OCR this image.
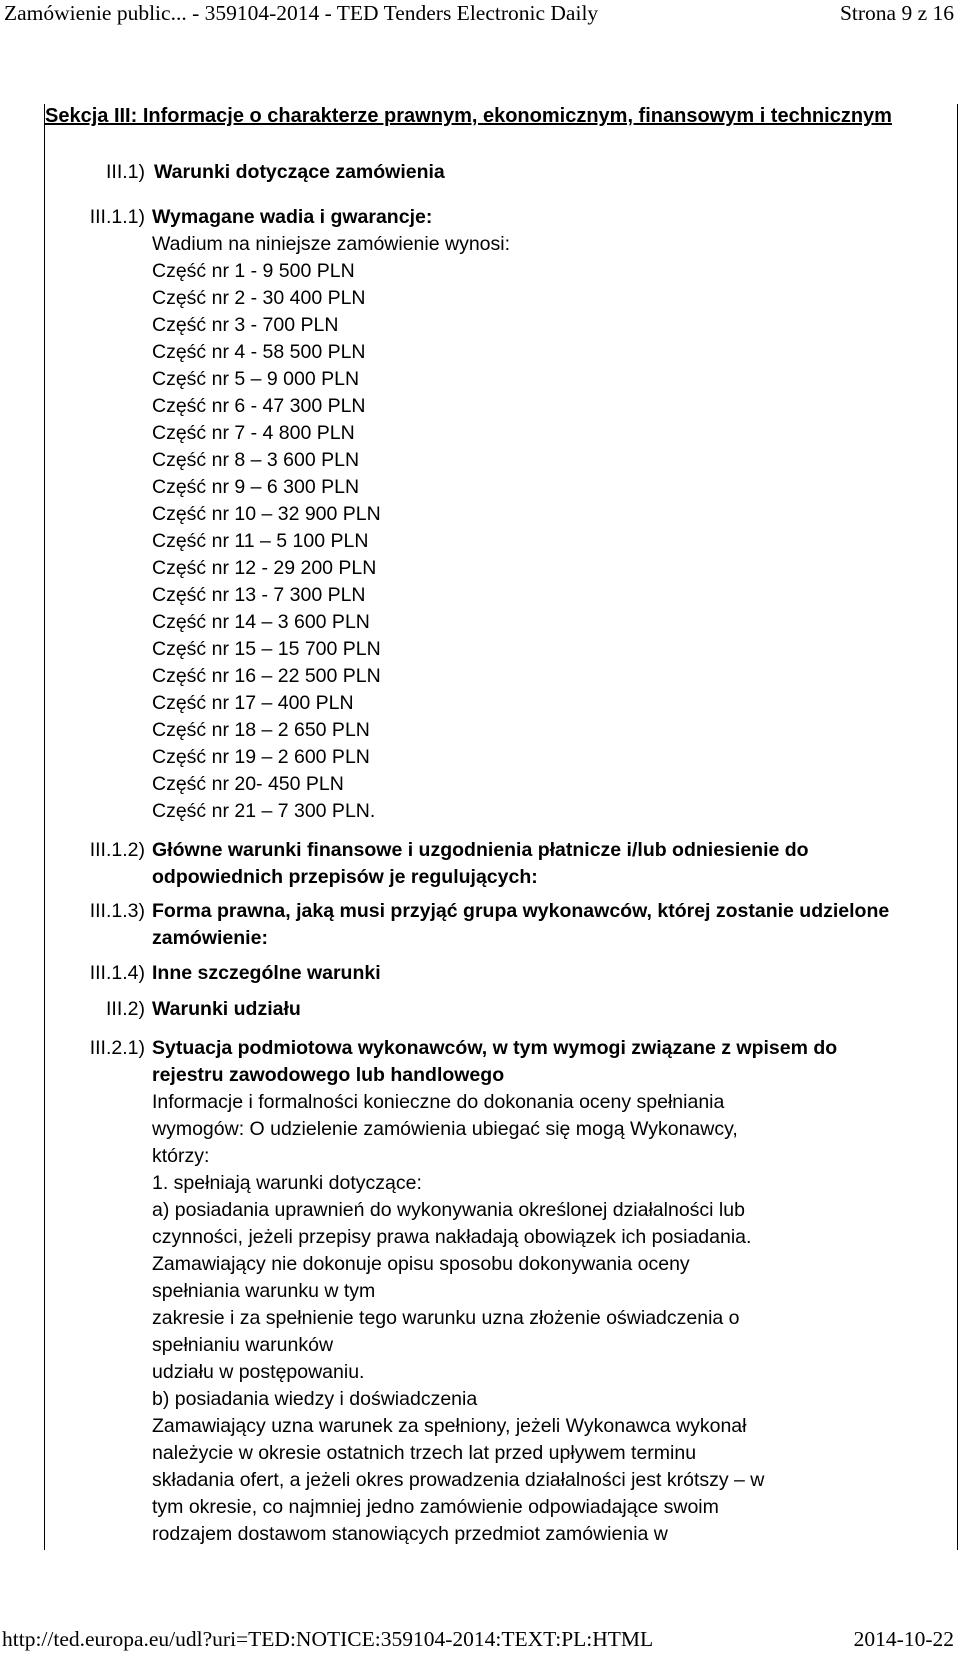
Zamówienie public... - 359104-2014 - TED Tenders Electronic Daily	Strona 9 z 16
Sekcja III: Informacje o charakterze prawnym, ekonomicznym, finansowym i technicznym
III.1) Warunki dotyczące zamówienia
III.1.1) Wymagane wadia i gwarancje:
Wadium na niniejsze zamówienie wynosi:
Część nr 1 - 9 500 PLN
Część nr 2 - 30 400 PLN
Część nr 3 - 700 PLN
Część nr 4 - 58 500 PLN
Część nr 5 – 9 000 PLN
Część nr 6 - 47 300 PLN
Część nr 7 - 4 800 PLN
Część nr 8 – 3 600 PLN
Część nr 9 – 6 300 PLN
Część nr 10 – 32 900 PLN
Część nr 11 – 5 100 PLN
Część nr 12 - 29 200 PLN
Część nr 13 - 7 300 PLN
Część nr 14 – 3 600 PLN
Część nr 15 – 15 700 PLN
Część nr 16 – 22 500 PLN
Część nr 17 – 400 PLN
Część nr 18 – 2 650 PLN
Część nr 19 – 2 600 PLN
Część nr 20- 450 PLN
Część nr 21 – 7 300 PLN.
III.1.2) Główne warunki finansowe i uzgodnienia płatnicze i/lub odniesienie do odpowiednich przepisów je regulujących:
III.1.3) Forma prawna, jaką musi przyjąć grupa wykonawców, której zostanie udzielone zamówienie:
III.1.4) Inne szczególne warunki
III.2) Warunki udziału
III.2.1) Sytuacja podmiotowa wykonawców, w tym wymogi związane z wpisem do rejestru zawodowego lub handlowego
Informacje i formalności konieczne do dokonania oceny spełniania
wymogów: O udzielenie zamówienia ubiegać się mogą Wykonawcy,
którzy:
1. spełniają warunki dotyczące:
a) posiadania uprawnień do wykonywania określonej działalności lub
czynności, jeżeli przepisy prawa nakładają obowiązek ich posiadania.
Zamawiający nie dokonuje opisu sposobu dokonywania oceny
spełniania warunku w tym
zakresie i za spełnienie tego warunku uzna złożenie oświadczenia o
spełnianiu warunków
udziału w postępowaniu.
b) posiadania wiedzy i doświadczenia
Zamawiający uzna warunek za spełniony, jeżeli Wykonawca wykonał
należycie w okresie ostatnich trzech lat przed upływem terminu
składania ofert, a jeżeli okres prowadzenia działalności jest krótszy – w
tym okresie, co najmniej jedno zamówienie odpowiadające swoim
rodzajem dostawom stanowiących przedmiot zamówienia w
http://ted.europa.eu/udl?uri=TED:NOTICE:359104-2014:TEXT:PL:HTML	2014-10-22
